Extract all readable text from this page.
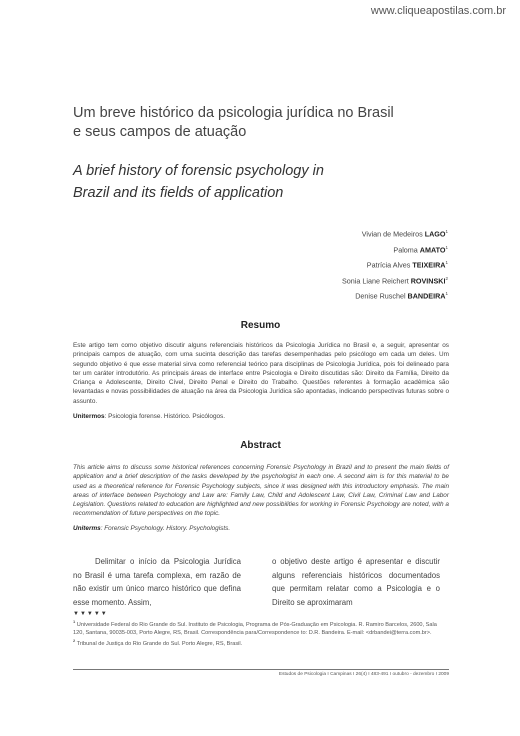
www.cliqueapostilas.com.br
Um breve histórico da psicologia jurídica no Brasil
e seus campos de atuação
A brief history of forensic psychology in
Brazil and its fields of application
Vivian de Medeiros LAGO$^1$
Paloma AMATO$^1$
Patrícia Alves TEIXEIRA$^1$
Sonia Liane Reichert ROVINSKI$^2$
Denise Ruschel BANDEIRA$^1$
Resumo
Este artigo tem como objetivo discutir alguns referenciais históricos da Psicologia Jurídica no Brasil e, a seguir, apresentar os principais campos de atuação, com uma sucinta descrição das tarefas desempenhadas pelo psicólogo em cada um deles. Um segundo objetivo é que esse material sirva como referencial teórico para disciplinas de Psicologia Jurídica, pois foi delineado para ter um caráter introdutório. As principais áreas de interface entre Psicologia e Direito discutidas são: Direito da Família, Direito da Criança e Adolescente, Direito Cível, Direito Penal e Direito do Trabalho. Questões referentes à formação acadêmica são levantadas e novas possibilidades de atuação na área da Psicologia Jurídica são apontadas, indicando perspectivas futuras sobre o assunto.
Unitermos: Psicologia forense. Histórico. Psicólogos.
Abstract
This article aims to discuss some historical references concerning Forensic Psychology in Brazil and to present the main fields of application and a brief description of the tasks developed by the psychologist in each one. A second aim is for this material to be used as a theoretical reference for Forensic Psychology subjects, since it was designed with this introductory emphasis. The main areas of interface between Psychology and Law are: Family Law, Child and Adolescent Law, Civil Law, Criminal Law and Labor Legislation. Questions related to education are highlighted and new possibilities for working in Forensic Psychology are noted, with a recommendation of future perspectives on the topic.
Uniterms: Forensic Psychology. History. Psychologists.
Delimitar o início da Psicologia Jurídica no Brasil é uma tarefa complexa, em razão de não existir um único marco histórico que defina esse momento. Assim,
o objetivo deste artigo é apresentar e discutir alguns referenciais históricos documentados que permitam relatar como a Psicologia e o Direito se aproximaram
▼▼▼▼▼
$^1$ Universidade Federal do Rio Grande do Sul. Instituto de Psicologia, Programa de Pós-Graduação em Psicologia. R. Ramiro Barcelos, 2600, Sala 120, Santana, 90035-003, Porto Alegre, RS, Brasil. Correspondência para/Correspondence to: D.R. Bandeira. E-mail: <drbandei@terra.com.br>.
$^2$ Tribunal de Justiça do Rio Grande do Sul. Porto Alegre, RS, Brasil.
Estudos de Psicologia I Campinas I 26(4) I 483-491 I outubro - dezembro I 2009
